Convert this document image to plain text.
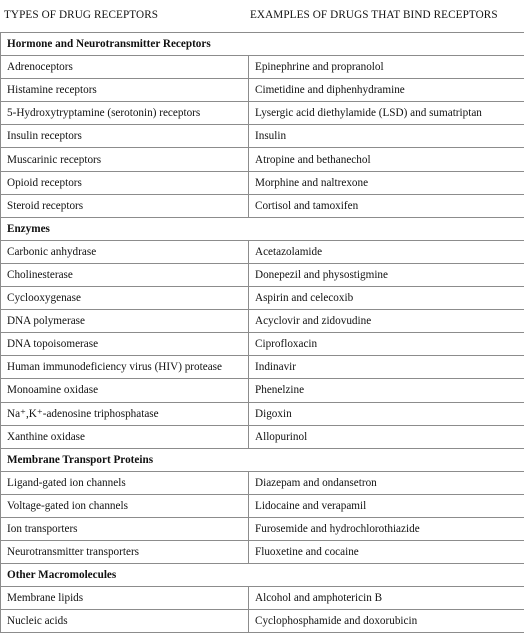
TYPES OF DRUG RECEPTORS	EXAMPLES OF DRUGS THAT BIND RECEPTORS
Hormone and Neurotransmitter Receptors	
Adrenoceptors	Epinephrine and propranolol
Histamine receptors	Cimetidine and diphenhydramine
5-Hydroxytryptamine (serotonin) receptors	Lysergic acid diethylamide (LSD) and sumatriptan
Insulin receptors	Insulin
Muscarinic receptors	Atropine and bethanechol
Opioid receptors	Morphine and naltrexone
Steroid receptors	Cortisol and tamoxifen
Enzymes	
Carbonic anhydrase	Acetazolamide
Cholinesterase	Donepezil and physostigmine
Cyclooxygenase	Aspirin and celecoxib
DNA polymerase	Acyclovir and zidovudine
DNA topoisomerase	Ciprofloxacin
Human immunodeficiency virus (HIV) protease	Indinavir
Monoamine oxidase	Phenelzine
Na⁺,K⁺-adenosine triphosphatase	Digoxin
Xanthine oxidase	Allopurinol
Membrane Transport Proteins	
Ligand-gated ion channels	Diazepam and ondansetron
Voltage-gated ion channels	Lidocaine and verapamil
Ion transporters	Furosemide and hydrochlorothiazide
Neurotransmitter transporters	Fluoxetine and cocaine
Other Macromolecules	
Membrane lipids	Alcohol and amphotericin B
Nucleic acids	Cyclophosphamide and doxorubicin
